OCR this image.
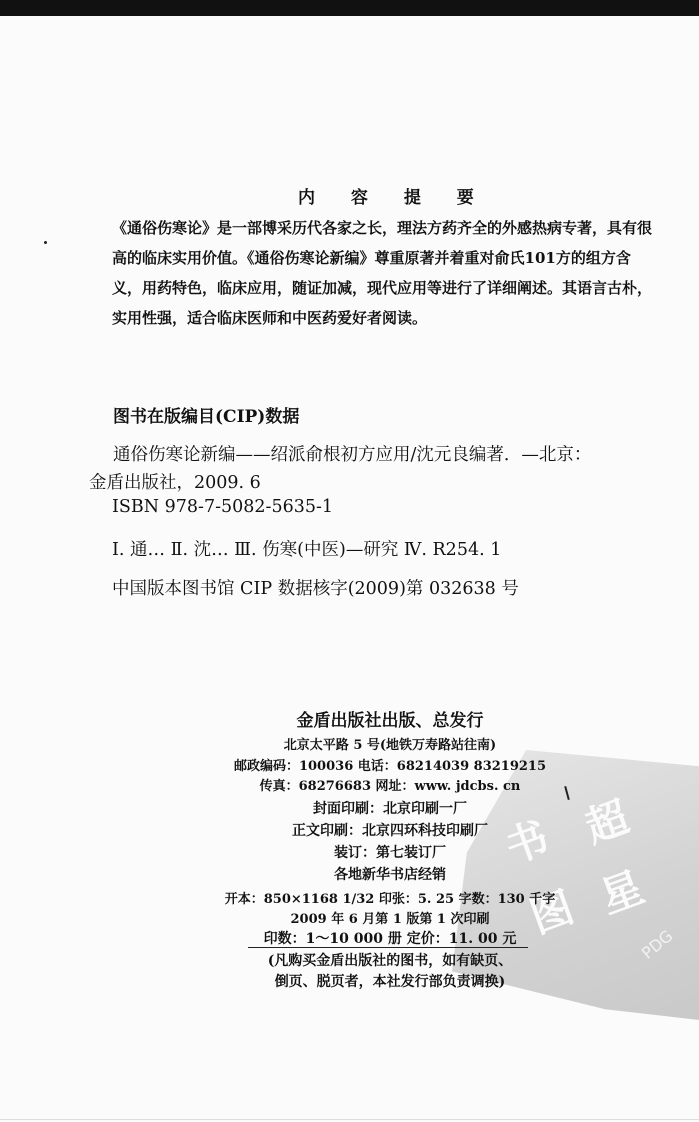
内 容 提 要
《通俗伤寒论》是一部博采历代各家之长，理法方药齐全的外感热病专著，具有很高的临床实用价值。《通俗伤寒论新编》尊重原著并着重对俞氏101方的组方含义，用药特色，临床应用，随证加减，现代应用等进行了详细阐述。其语言古朴，实用性强，适合临床医师和中医药爱好者阅读。
图书在版编目(CIP)数据
通俗伤寒论新编——绍派俞根初方应用/沈元良编著．—北京：
金盾出版社，2009. 6
ISBN 978-7-5082-5635-1
Ⅰ. 通… Ⅱ. 沈… Ⅲ. 伤寒(中医)—研究 Ⅳ. R254. 1
中国版本图书馆 CIP 数据核字(2009)第 032638 号
书 超
星
图
PDG
金盾出版社出版、总发行
北京太平路 5 号(地铁万寿路站往南)
邮政编码：100036 电话：68214039 83219215
传真：68276683 网址：www. jdcbs. cn
封面印刷：北京印刷一厂
正文印刷：北京四环科技印刷厂
装订：第七装订厂
各地新华书店经销
开本：850×1168 1/32 印张：5. 25 字数：130 千字
2009 年 6 月第 1 版第 1 次印刷
印数：1～10 000 册 定价：11. 00 元
(凡购买金盾出版社的图书，如有缺页、
倒页、脱页者，本社发行部负责调换)
